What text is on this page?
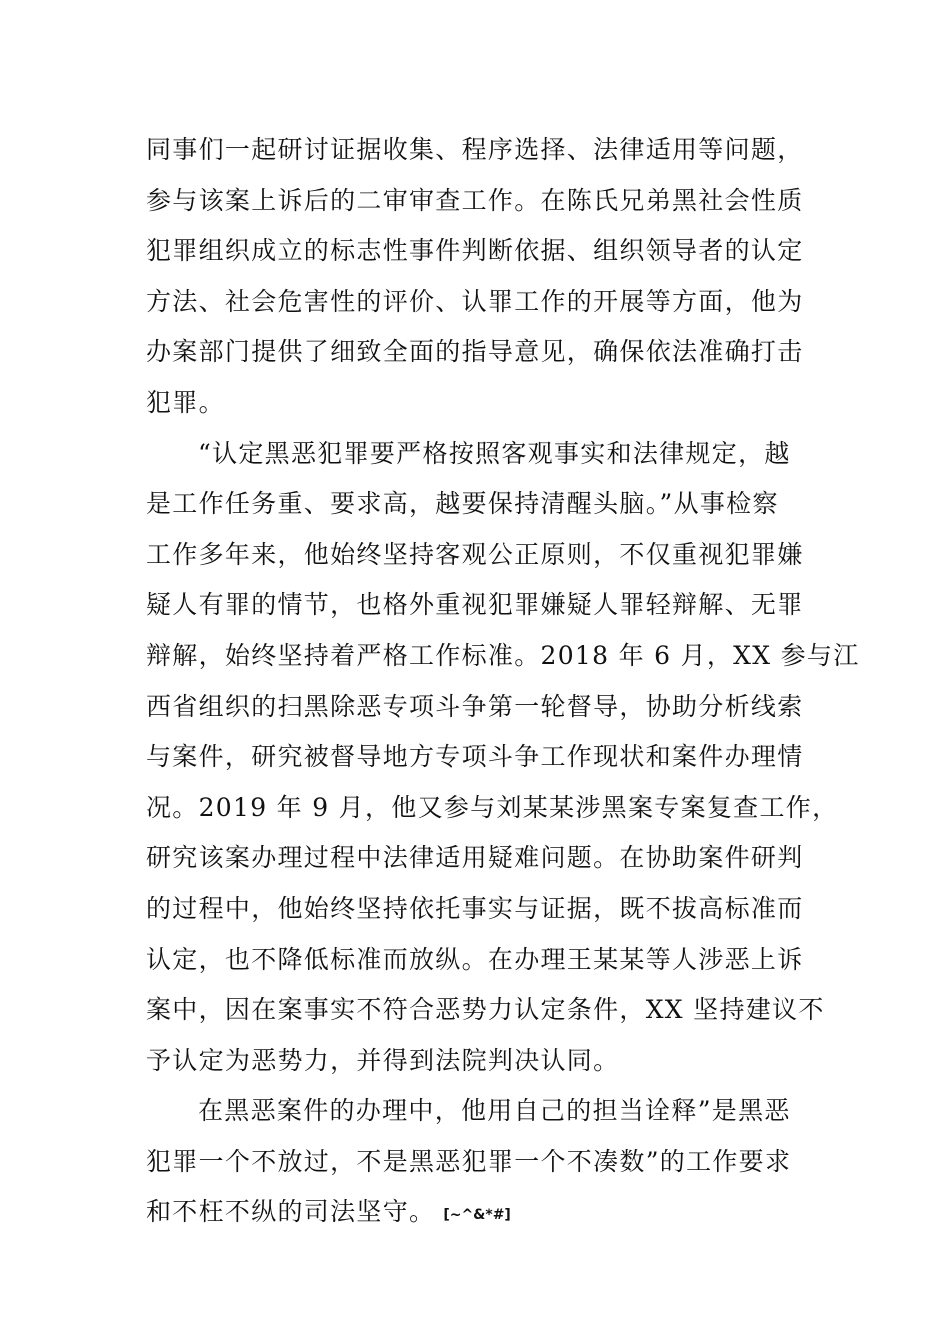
同事们一起研讨证据收集、程序选择、法律适用等问题，
参与该案上诉后的二审审查工作。在陈氏兄弟黑社会性质
犯罪组织成立的标志性事件判断依据、组织领导者的认定
方法、社会危害性的评价、认罪工作的开展等方面，他为
办案部门提供了细致全面的指导意见，确保依法准确打击
犯罪。

“认定黑恶犯罪要严格按照客观事实和法律规定，越
是工作任务重、要求高，越要保持清醒头脑。”从事检察
工作多年来，他始终坚持客观公正原则，不仅重视犯罪嫌
疑人有罪的情节，也格外重视犯罪嫌疑人罪轻辩解、无罪
辩解，始终坚持着严格工作标准。2018 年 6 月，XX 参与江
西省组织的扫黑除恶专项斗争第一轮督导，协助分析线索
与案件，研究被督导地方专项斗争工作现状和案件办理情
况。2019 年 9 月，他又参与刘某某涉黑案专案复查工作，
研究该案办理过程中法律适用疑难问题。在协助案件研判
的过程中，他始终坚持依托事实与证据，既不拔高标准而
认定，也不降低标准而放纵。在办理王某某等人涉恶上诉
案中，因在案事实不符合恶势力认定条件，XX 坚持建议不
予认定为恶势力，并得到法院判决认同。

在黑恶案件的办理中，他用自己的担当诠释”是黑恶
犯罪一个不放过，不是黑恶犯罪一个不凑数”的工作要求
和不枉不纵的司法坚守。 [~^&*#]
